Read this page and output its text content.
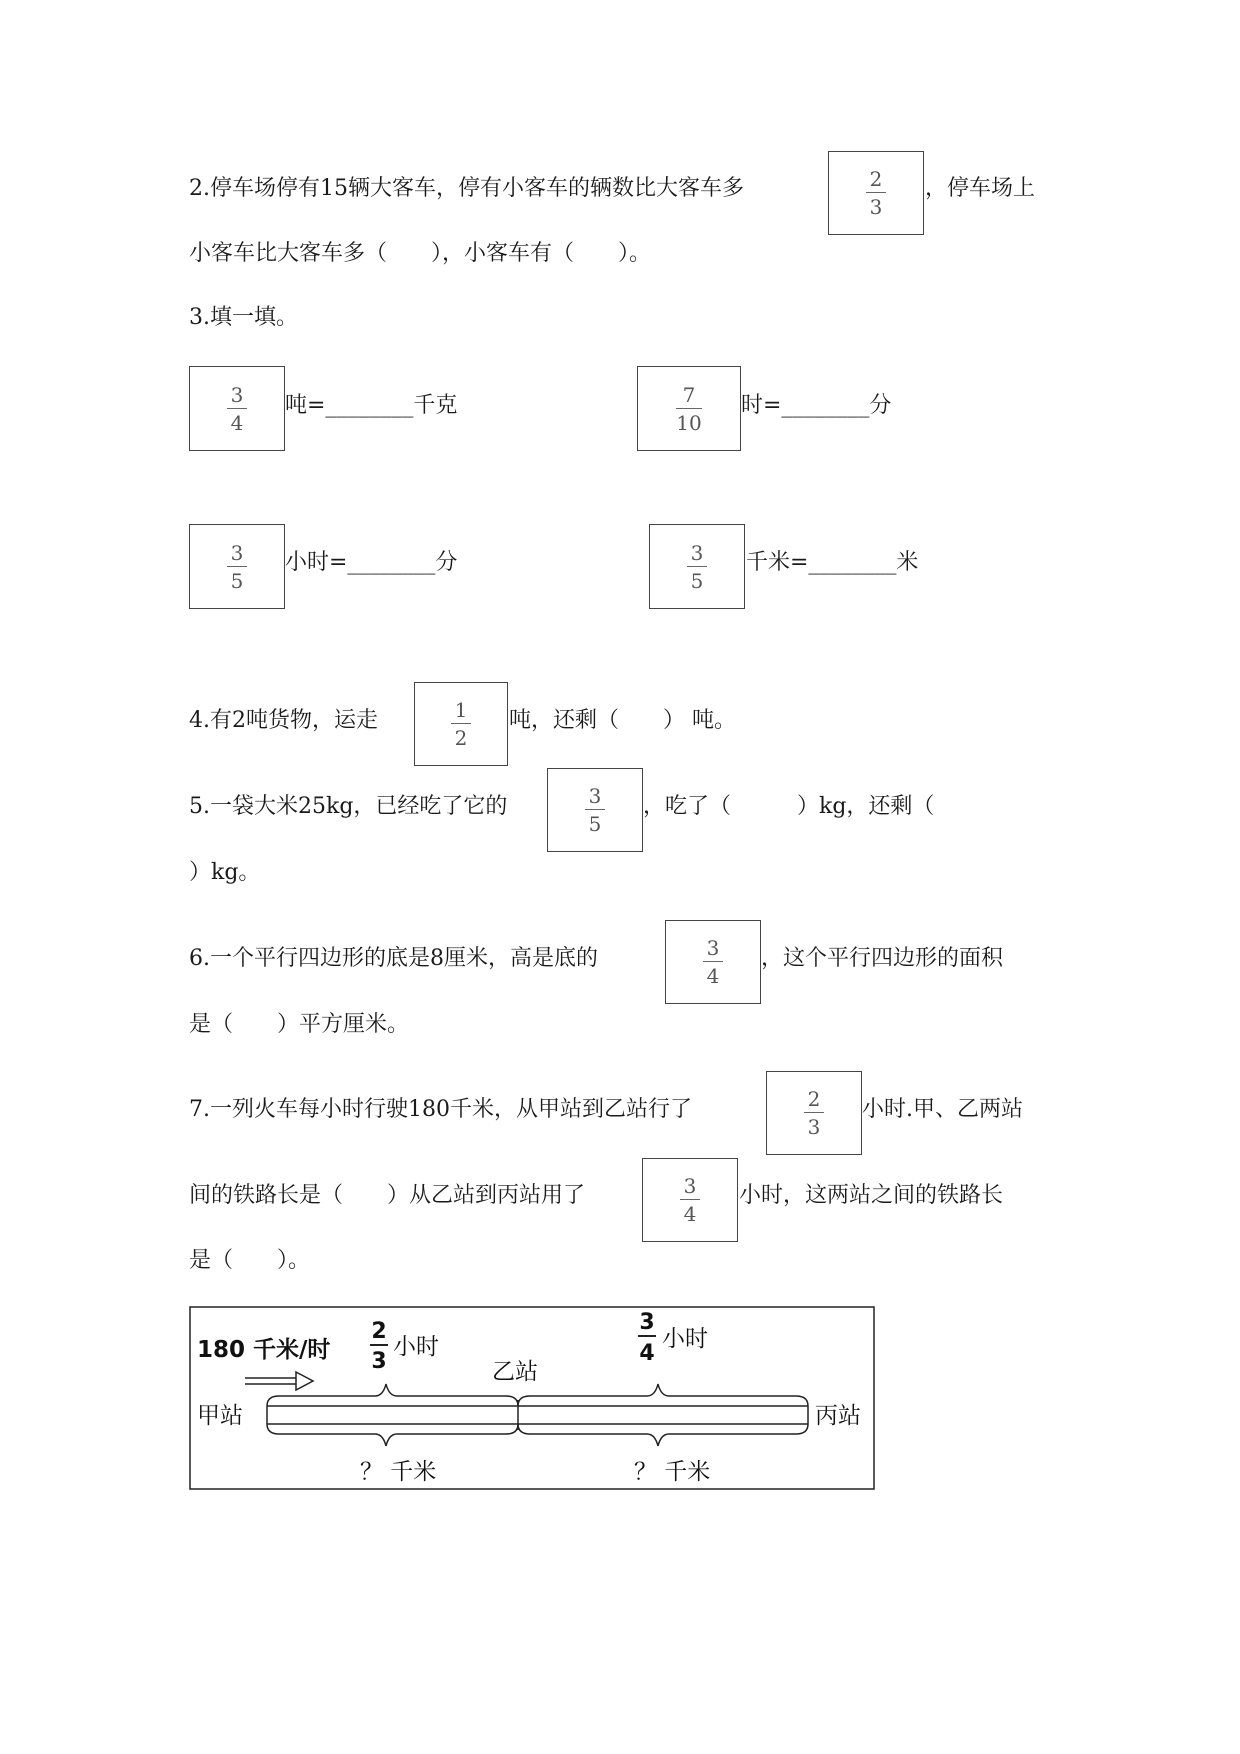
2.停车场停有15辆大客车，停有小客车的辆数比大客车多	2
3
，停车场上
小客车比大客车多（　　），小客车有（　　）。
3.填一填。
3
4
吨=________千克	7
10
时=________分
3
5
小时=________分	3
5
千米=________米
4.有2吨货物，运走	1
2
吨，还剩（　　） 吨。
5.一袋大米25kg，已经吃了它的	3
5
，吃了（　　　）kg，还剩（
）kg。
6.一个平行四边形的底是8厘米，高是底的	3
4
，这个平行四边形的面积
是（　　）平方厘米。
7.一列火车每小时行驶180千米，从甲站到乙站行了	2
3
小时.甲、乙两站
间的铁路长是（　　）从乙站到丙站用了	3
4
小时，这两站之间的铁路长
是（　　）。
180 千米/时
2
3
小时
3
4
小时
甲站
乙站
丙站
？ 千米	？ 千米
